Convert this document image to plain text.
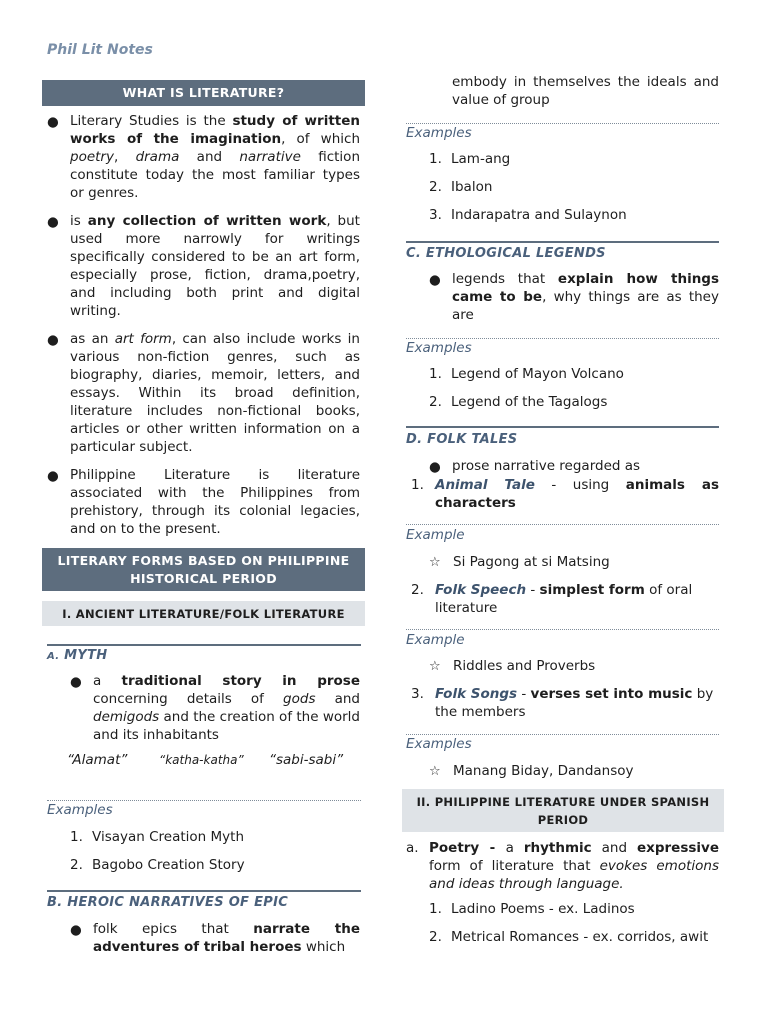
Phil Lit Notes
WHAT IS LITERATURE?
● Literary Studies is the study of written works of the imagination, of which poetry, drama and narrative fiction constitute today the most familiar types or genres.
● is any collection of written work, but used more narrowly for writings specifically considered to be an art form, especially prose, fiction, drama,poetry, and including both print and digital writing.
● as an art form, can also include works in various non-fiction genres, such as biography, diaries, memoir, letters, and essays. Within its broad definition, literature includes non-fictional books, articles or other written information on a particular subject.
● Philippine Literature is literature associated with the Philippines from prehistory, through its colonial legacies, and on to the present.
LITERARY FORMS BASED ON PHILIPPINE
HISTORICAL PERIOD
I. ANCIENT LITERATURE/FOLK LITERATURE
A. MYTH
● a traditional story in prose concerning details of gods and demigods and the creation of the world and its inhabitants
“Alamat”	“katha-katha” “sabi-sabi”
Examples
1. Visayan Creation Myth
2. Bagobo Creation Story
B. HEROIC NARRATIVES OF EPIC
● folk epics that narrate the adventures of tribal heroes which
embody in themselves the ideals and value of group
Examples
1. Lam-ang
2. Ibalon
3. Indarapatra and Sulaynon
C. ETHOLOGICAL LEGENDS
● legends that explain how things came to be, why things are as they are
Examples
1. Legend of Mayon Volcano
2. Legend of the Tagalogs
D. FOLK TALES
● prose narrative regarded as
1. Animal Tale - using animals as characters
Example
☆ Si Pagong at si Matsing
2. Folk Speech - simplest form of oral literature
Example
☆ Riddles and Proverbs
3. Folk Songs - verses set into music by the members
Examples
☆ Manang Biday, Dandansoy
II. PHILIPPINE LITERATURE UNDER SPANISH
PERIOD
a. Poetry - a rhythmic and expressive form of literature that evokes emotions and ideas through language.
1. Ladino Poems - ex. Ladinos
2. Metrical Romances - ex. corridos, awit
